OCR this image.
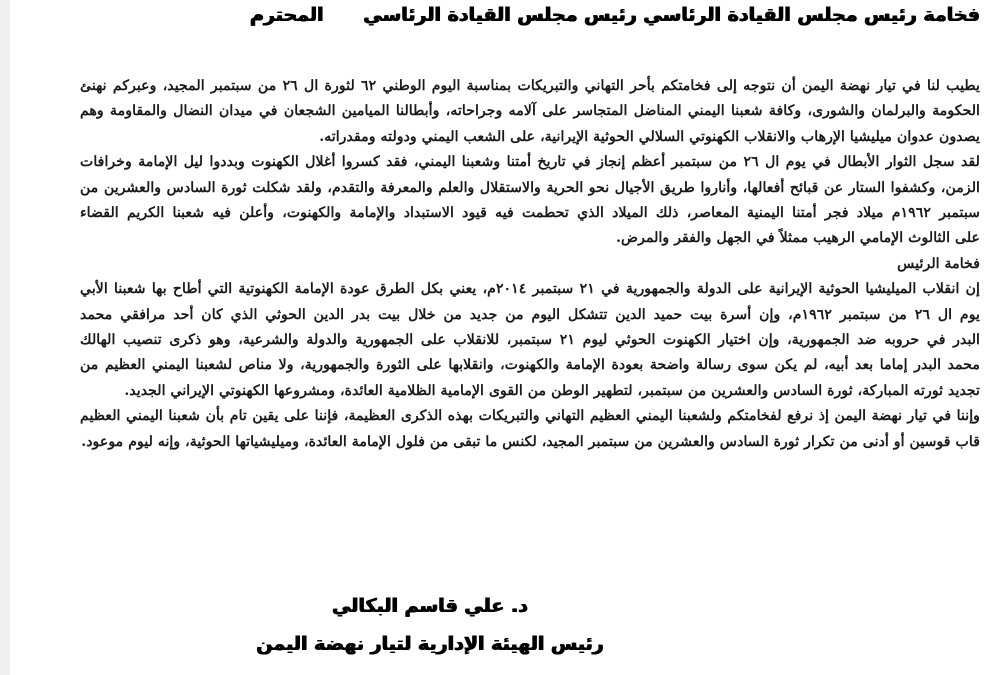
فخامة رئيس مجلس القيادة الرئاسي رئيس مجلس القيادة الرئاسي
المحترم

يطيب لنا في تيار نهضة اليمن أن نتوجه إلى فخامتكم بأحر التهاني والتبريكات بمناسبة اليوم الوطني ٦٢ لثورة ال ٢٦ من سبتمبر المجيد، وعبركم نهنئ
الحكومة والبرلمان والشورى، وكافة شعبنا اليمني المناضل المتجاسر على آلامه وجراحاته، وأبطالنا الميامين الشجعان في ميدان النضال والمقاومة وهم
يصدون عدوان ميليشيا الإرهاب والانقلاب الكهنوتي السلالي الحوثية الإيرانية، على الشعب اليمني ودولته ومقدراته.

لقد سجل الثوار الأبطال في يوم ال ٢٦ من سبتمبر أعظم إنجاز في تاريخ أمتنا وشعبنا اليمني، فقد كسروا أغلال الكهنوت وبددوا ليل الإمامة وخرافات
الزمن، وكشفوا الستار عن قبائح أفعالها، وأناروا طريق الأجيال نحو الحرية والاستقلال والعلم والمعرفة والتقدم، ولقد شكلت ثورة السادس والعشرين من
سبتمبر ١٩٦٢م ميلاد فجر أمتنا اليمنية المعاصر، ذلك الميلاد الذي تحطمت فيه قيود الاستبداد والإمامة والكهنوت، وأعلن فيه شعبنا الكريم القضاء
على الثالوث الإمامي الرهيب ممثلاً في الجهل والفقر والمرض.

فخامة الرئيس

إن انقلاب الميليشيا الحوثية الإيرانية على الدولة والجمهورية في ٢١ سبتمبر ٢٠١٤م، يعني بكل الطرق عودة الإمامة الكهنوتية التي أطاح بها شعبنا الأبي
يوم ال ٢٦ من سبتمبر ١٩٦٢م، وإن أسرة بيت حميد الدين تتشكل اليوم من جديد من خلال بيت بدر الدين الحوثي الذي كان أحد مرافقي محمد
البدر في حروبه ضد الجمهورية، وإن اختيار الكهنوت الحوثي ليوم ٢١ سبتمبر، للانقلاب على الجمهورية والدولة والشرعية، وهو ذكرى تنصيب الهالك
محمد البدر إماما بعد أبيه، لم يكن سوى رسالة واضحة بعودة الإمامة والكهنوت، وانقلابها على الثورة والجمهورية، ولا مناص لشعبنا اليمني العظيم من
تجديد ثورته المباركة، ثورة السادس والعشرين من سبتمبر، لتطهير الوطن من القوى الإمامية الظلامية العائدة، ومشروعها الكهنوتي الإيراني الجديد.

وإننا في تيار نهضة اليمن إذ نرفع لفخامتكم ولشعبنا اليمني العظيم التهاني والتبريكات بهذه الذكرى العظيمة، فإننا على يقين تام بأن شعبنا اليمني العظيم
قاب قوسين أو أدنى من تكرار ثورة السادس والعشرين من سبتمبر المجيد، لكنس ما تبقى من فلول الإمامة العائدة، وميليشياتها الحوثية، وإنه ليوم موعود.

د. علي قاسم البكالي
رئيس الهيئة الإدارية لتيار نهضة اليمن
